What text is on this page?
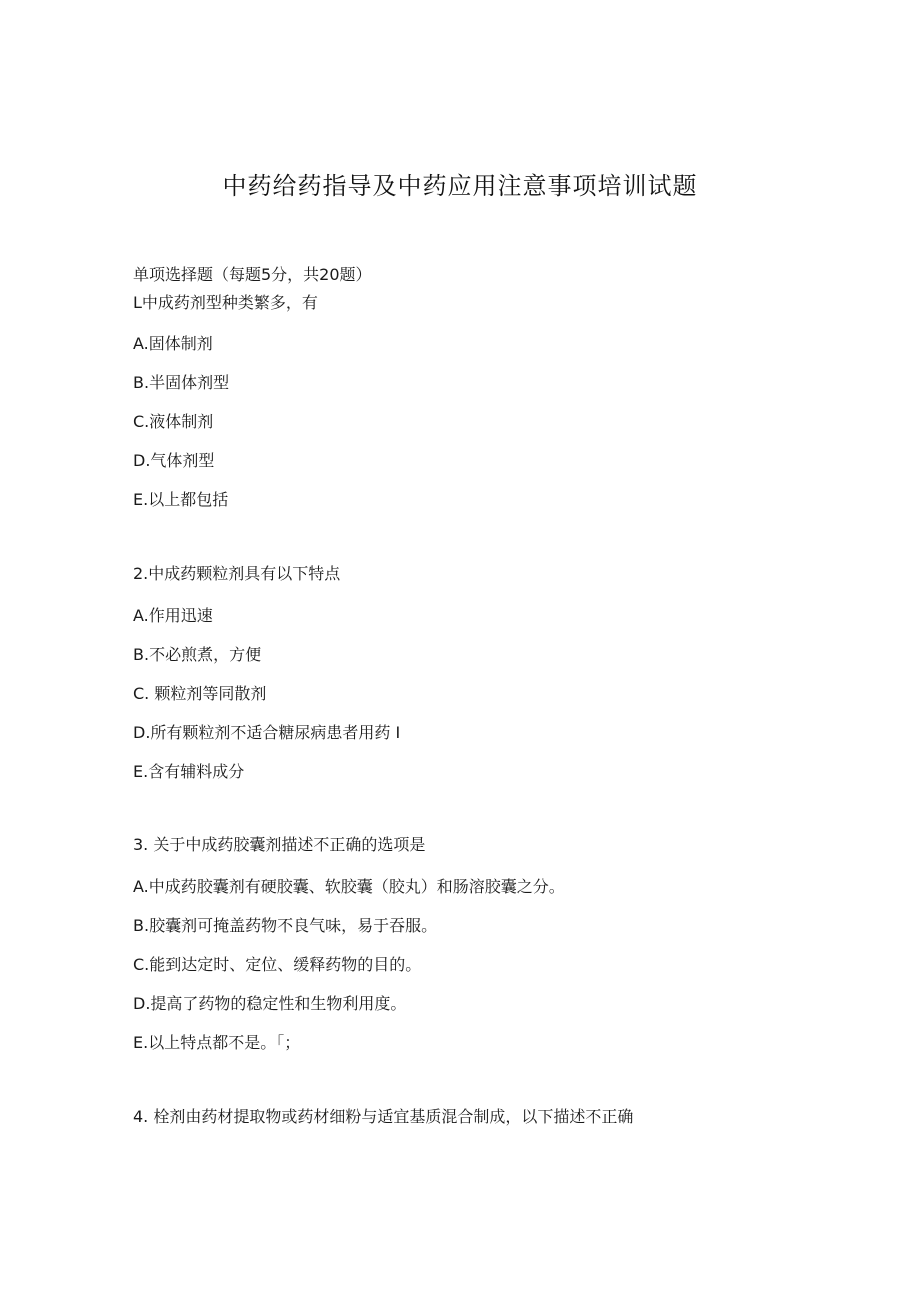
中药给药指导及中药应用注意事项培训试题
单项选择题（每题5分，共20题）
L中成药剂型种类繁多，有
A.固体制剂
B.半固体剂型
C.液体制剂
D.气体剂型
E.以上都包括
2.中成药颗粒剂具有以下特点
A.作用迅速
B.不必煎煮，方便
C. 颗粒剂等同散剂
D.所有颗粒剂不适合糖尿病患者用药 I
E.含有辅料成分
3. 关于中成药胶囊剂描述不正确的选项是
A.中成药胶囊剂有硬胶囊、软胶囊（胶丸）和肠溶胶囊之分。
B.胶囊剂可掩盖药物不良气味，易于吞服。
C.能到达定时、定位、缓释药物的目的。
D.提高了药物的稳定性和生物利用度。
E.以上特点都不是。「；
4. 栓剂由药材提取物或药材细粉与适宜基质混合制成，以下描述不正确
